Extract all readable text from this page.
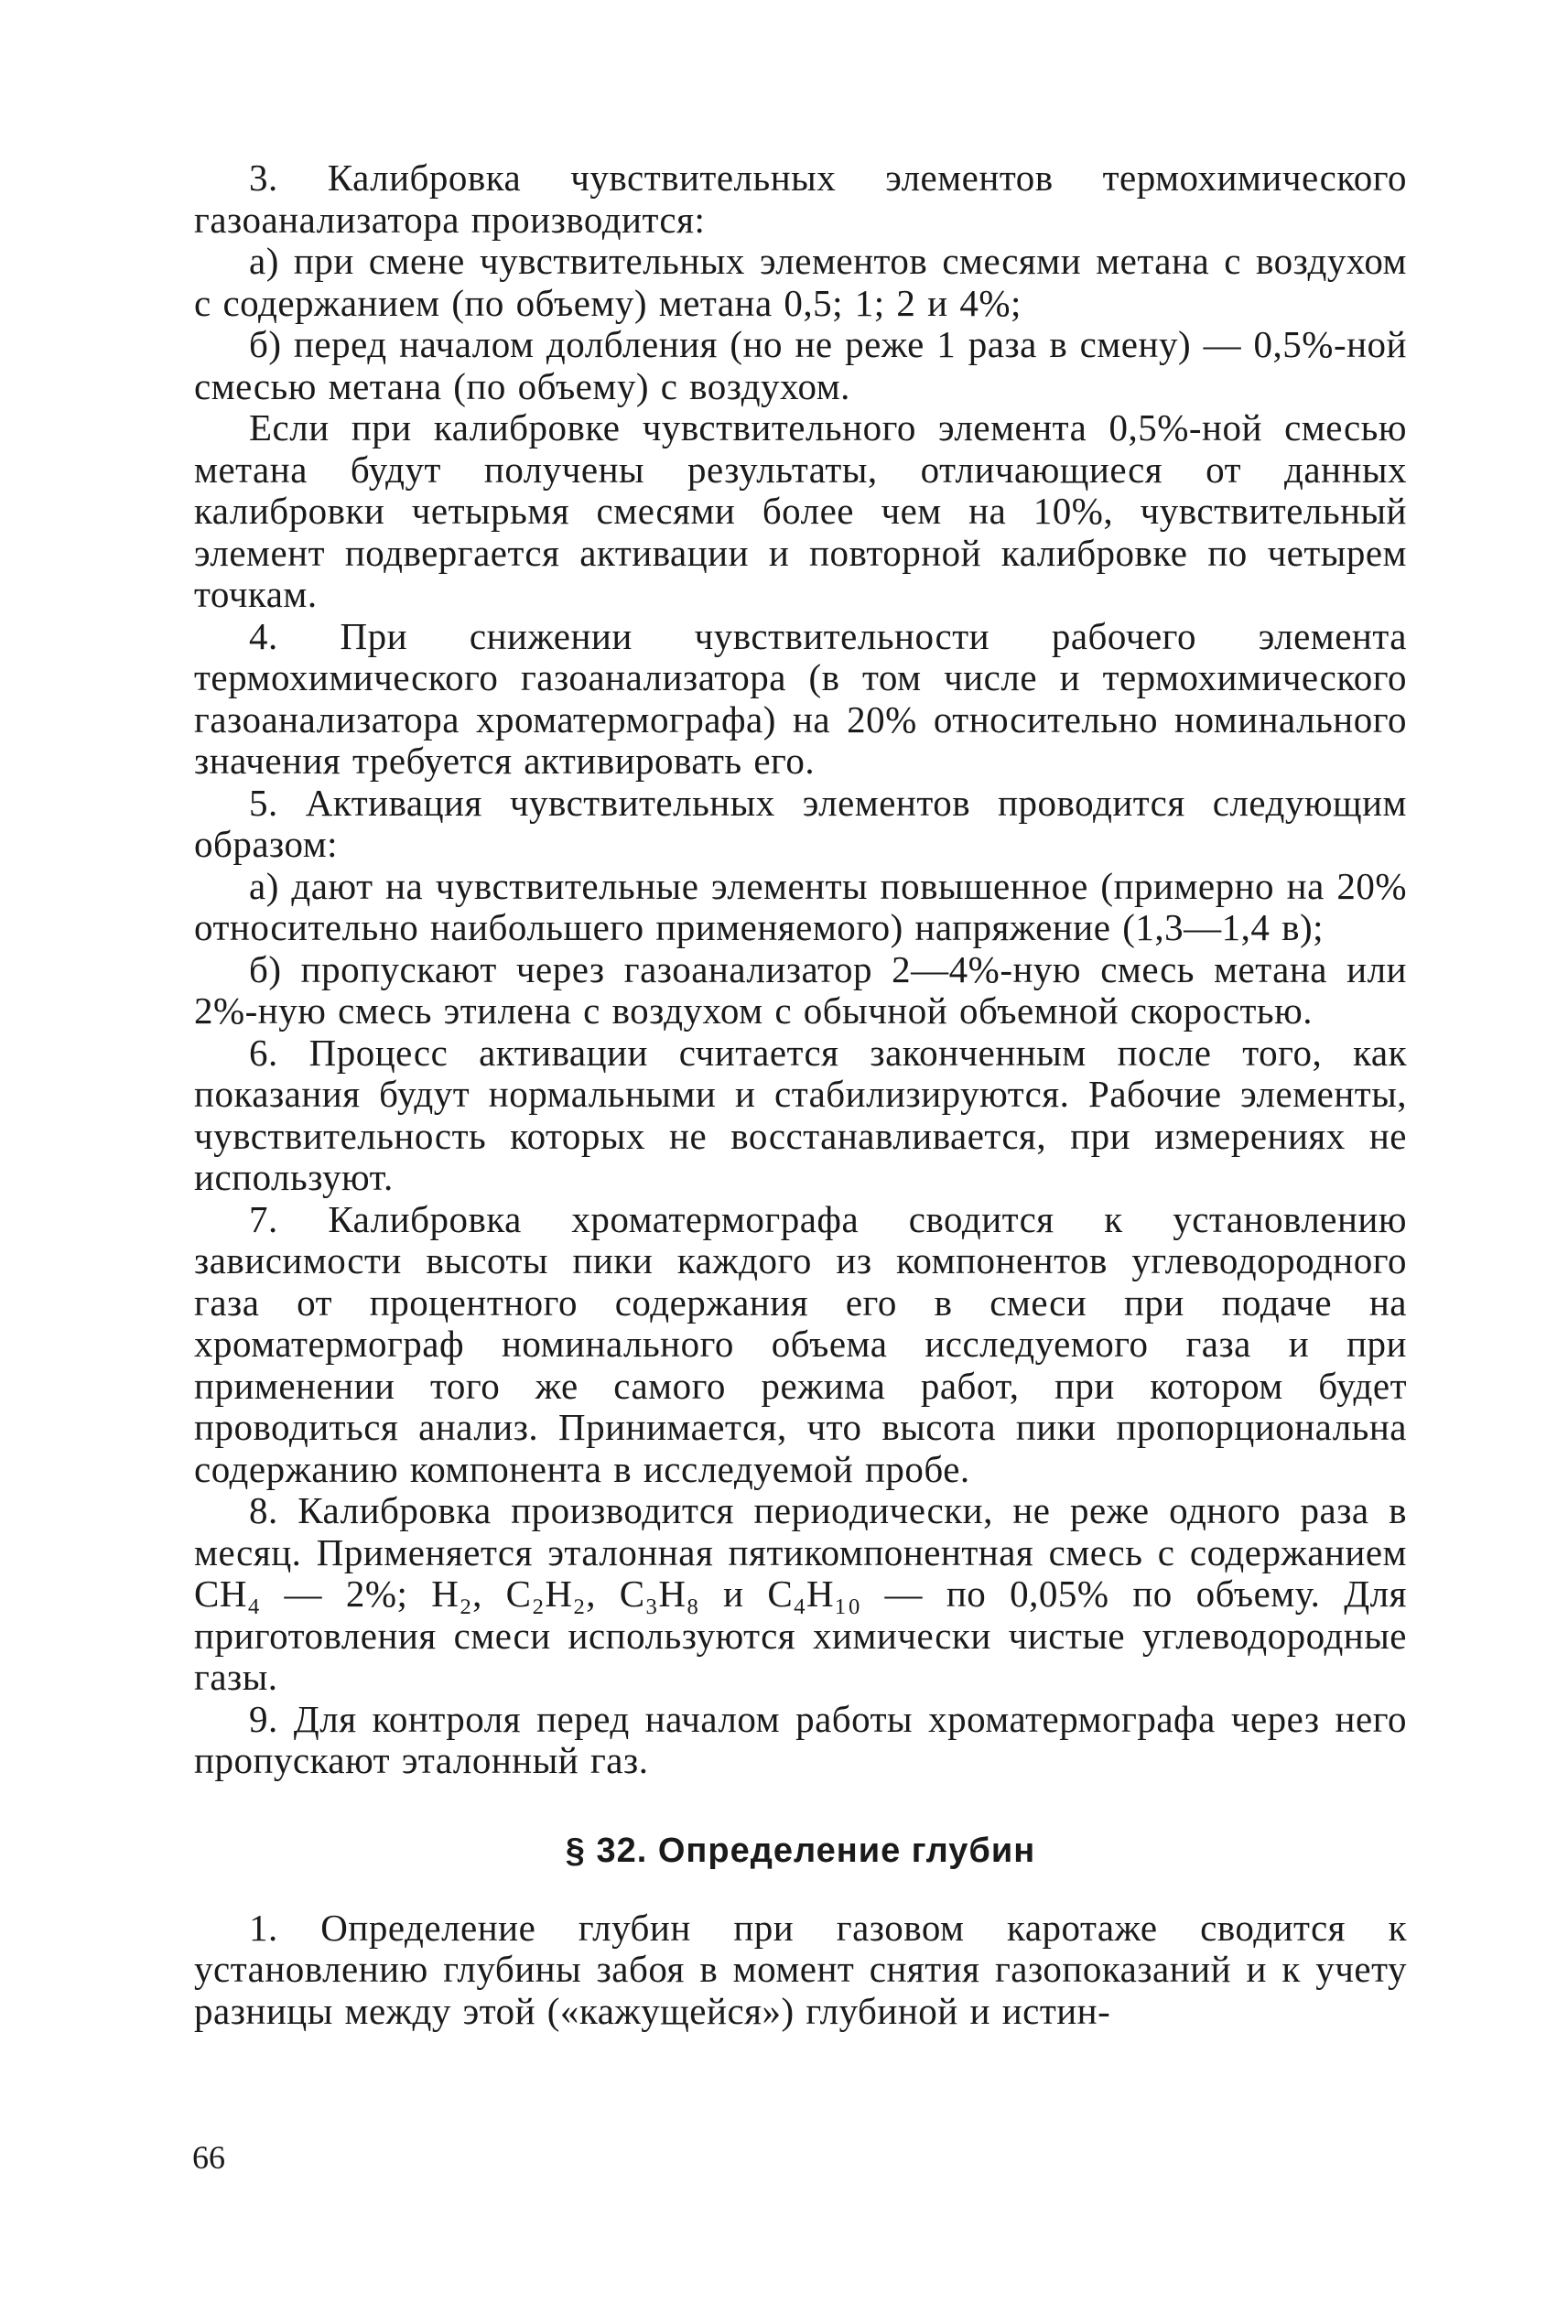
3. Калибровка чувствительных элементов термохимического газоанализатора производится:

а) при смене чувствительных элементов смесями метана с воздухом с содержанием (по объему) метана 0,5; 1; 2 и 4%;

б) перед началом долбления (но не реже 1 раза в смену) — 0,5%-ной смесью метана (по объему) с воздухом.

Если при калибровке чувствительного элемента 0,5%-ной смесью метана будут получены результаты, отличающиеся от данных калибровки четырьмя смесями более чем на 10%, чувствительный элемент подвергается активации и повторной калибровке по четырем точкам.

4. При снижении чувствительности рабочего элемента термохимического газоанализатора (в том числе и термохимического газоанализатора хроматермографа) на 20% относительно номинального значения требуется активировать его.

5. Активация чувствительных элементов проводится следующим образом:

а) дают на чувствительные элементы повышенное (примерно на 20% относительно наибольшего применяемого) напряжение (1,3—1,4 в);

б) пропускают через газоанализатор 2—4%-ную смесь метана или 2%-ную смесь этилена с воздухом с обычной объемной скоростью.

6. Процесс активации считается законченным после того, как показания будут нормальными и стабилизируются. Рабочие элементы, чувствительность которых не восстанавливается, при измерениях не используют.

7. Калибровка хроматермографа сводится к установлению зависимости высоты пики каждого из компонентов углеводородного газа от процентного содержания его в смеси при подаче на хроматермограф номинального объема исследуемого газа и при применении того же самого режима работ, при котором будет проводиться анализ. Принимается, что высота пики пропорциональна содержанию компонента в исследуемой пробе.

8. Калибровка производится периодически, не реже одного раза в месяц. Применяется эталонная пятикомпонентная смесь с содержанием CH₄ — 2%; H₂, C₂H₂, C₃H₈ и C₄H₁₀ — по 0,05% по объему. Для приготовления смеси используются химически чистые углеводородные газы.

9. Для контроля перед началом работы хроматермографа через него пропускают эталонный газ.

§ 32. Определение глубин

1. Определение глубин при газовом каротаже сводится к установлению глубины забоя в момент снятия газопоказаний и к учету разницы между этой («кажущейся») глубиной и истин-

66
